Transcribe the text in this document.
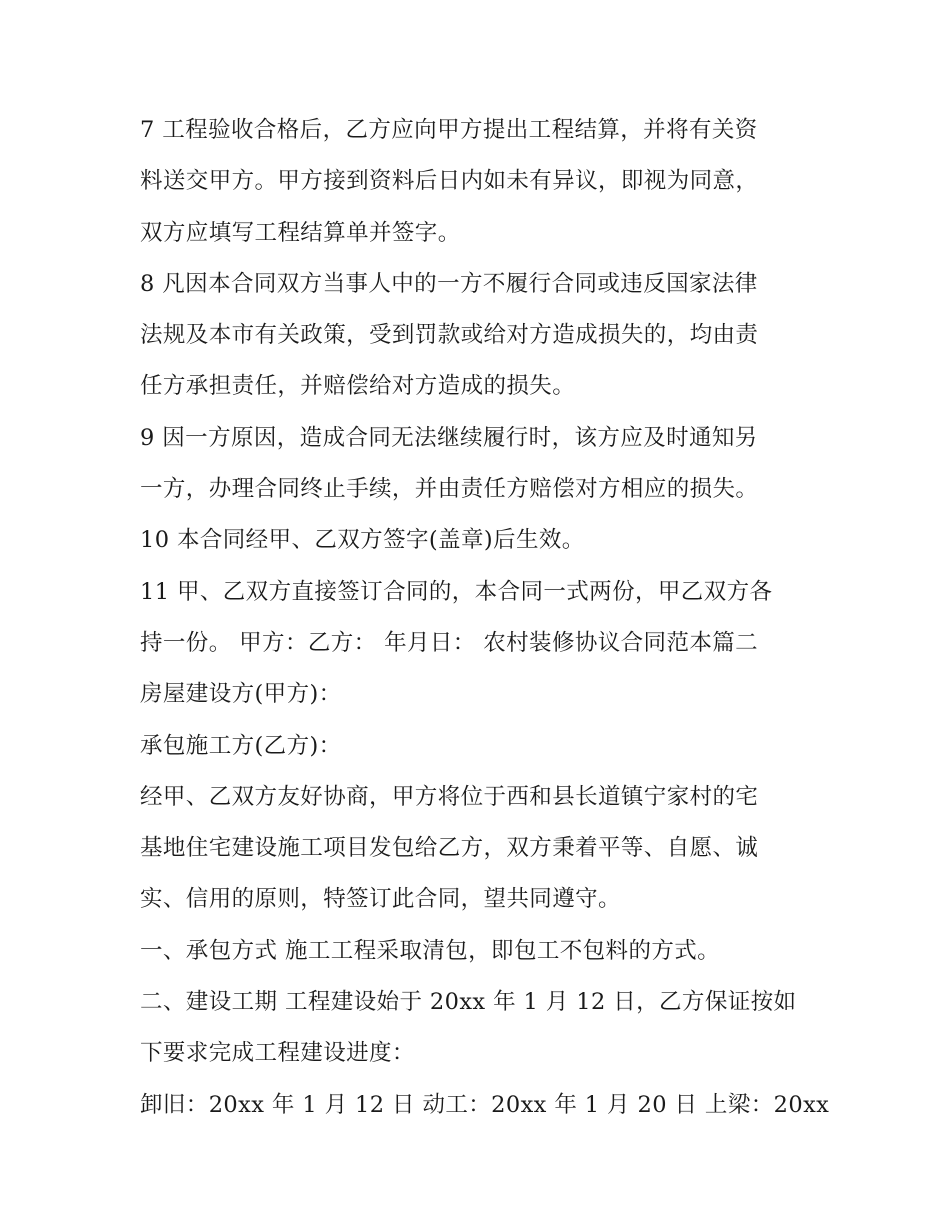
7 工程验收合格后，乙方应向甲方提出工程结算，并将有关资
料送交甲方。甲方接到资料后日内如未有异议，即视为同意，
双方应填写工程结算单并签字。
8 凡因本合同双方当事人中的一方不履行合同或违反国家法律
法规及本市有关政策，受到罚款或给对方造成损失的，均由责
任方承担责任，并赔偿给对方造成的损失。
9 因一方原因，造成合同无法继续履行时，该方应及时通知另
一方，办理合同终止手续，并由责任方赔偿对方相应的损失。
10 本合同经甲、乙双方签字(盖章)后生效。
11 甲、乙双方直接签订合同的，本合同一式两份，甲乙双方各
持一份。 甲方：乙方： 年月日： 农村装修协议合同范本篇二
房屋建设方(甲方)：
承包施工方(乙方)：
经甲、乙双方友好协商，甲方将位于西和县长道镇宁家村的宅
基地住宅建设施工项目发包给乙方，双方秉着平等、自愿、诚
实、信用的原则，特签订此合同，望共同遵守。
一、承包方式 施工工程采取清包，即包工不包料的方式。
二、建设工期 工程建设始于 20xx 年 1 月 12 日，乙方保证按如
下要求完成工程建设进度：
卸旧：20xx 年 1 月 12 日 动工：20xx 年 1 月 20 日 上梁：20xx
